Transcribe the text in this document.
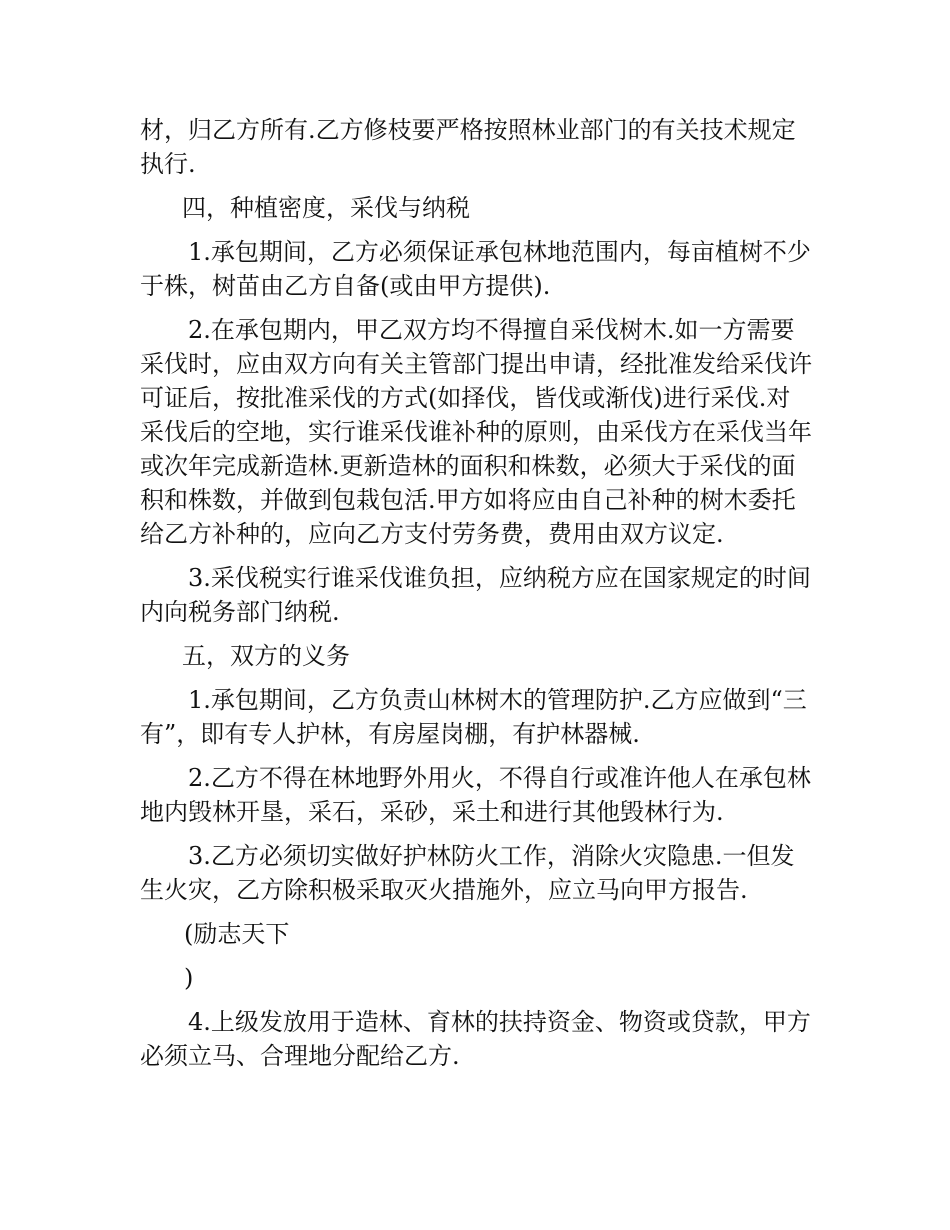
材，归乙方所有.乙方修枝要严格按照林业部门的有关技术规定执行.

四，种植密度，采伐与纳税

1.承包期间，乙方必须保证承包林地范围内，每亩植树不少于株，树苗由乙方自备(或由甲方提供).

2.在承包期内，甲乙双方均不得擅自采伐树木.如一方需要采伐时，应由双方向有关主管部门提出申请，经批准发给采伐许可证后，按批准采伐的方式(如择伐，皆伐或渐伐)进行采伐.对采伐后的空地，实行谁采伐谁补种的原则，由采伐方在采伐当年或次年完成新造林.更新造林的面积和株数，必须大于采伐的面积和株数，并做到包栽包活.甲方如将应由自己补种的树木委托给乙方补种的，应向乙方支付劳务费，费用由双方议定.

3.采伐税实行谁采伐谁负担，应纳税方应在国家规定的时间内向税务部门纳税.

五，双方的义务

1.承包期间，乙方负责山林树木的管理防护.乙方应做到“三有”，即有专人护林，有房屋岗棚，有护林器械.

2.乙方不得在林地野外用火，不得自行或准许他人在承包林地内毁林开垦，采石，采砂，采土和进行其他毁林行为.

3.乙方必须切实做好护林防火工作，消除火灾隐患.一但发生火灾，乙方除积极采取灭火措施外，应立马向甲方报告.

(励志天下

)

4.上级发放用于造林、育林的扶持资金、物资或贷款，甲方必须立马、合理地分配给乙方.
